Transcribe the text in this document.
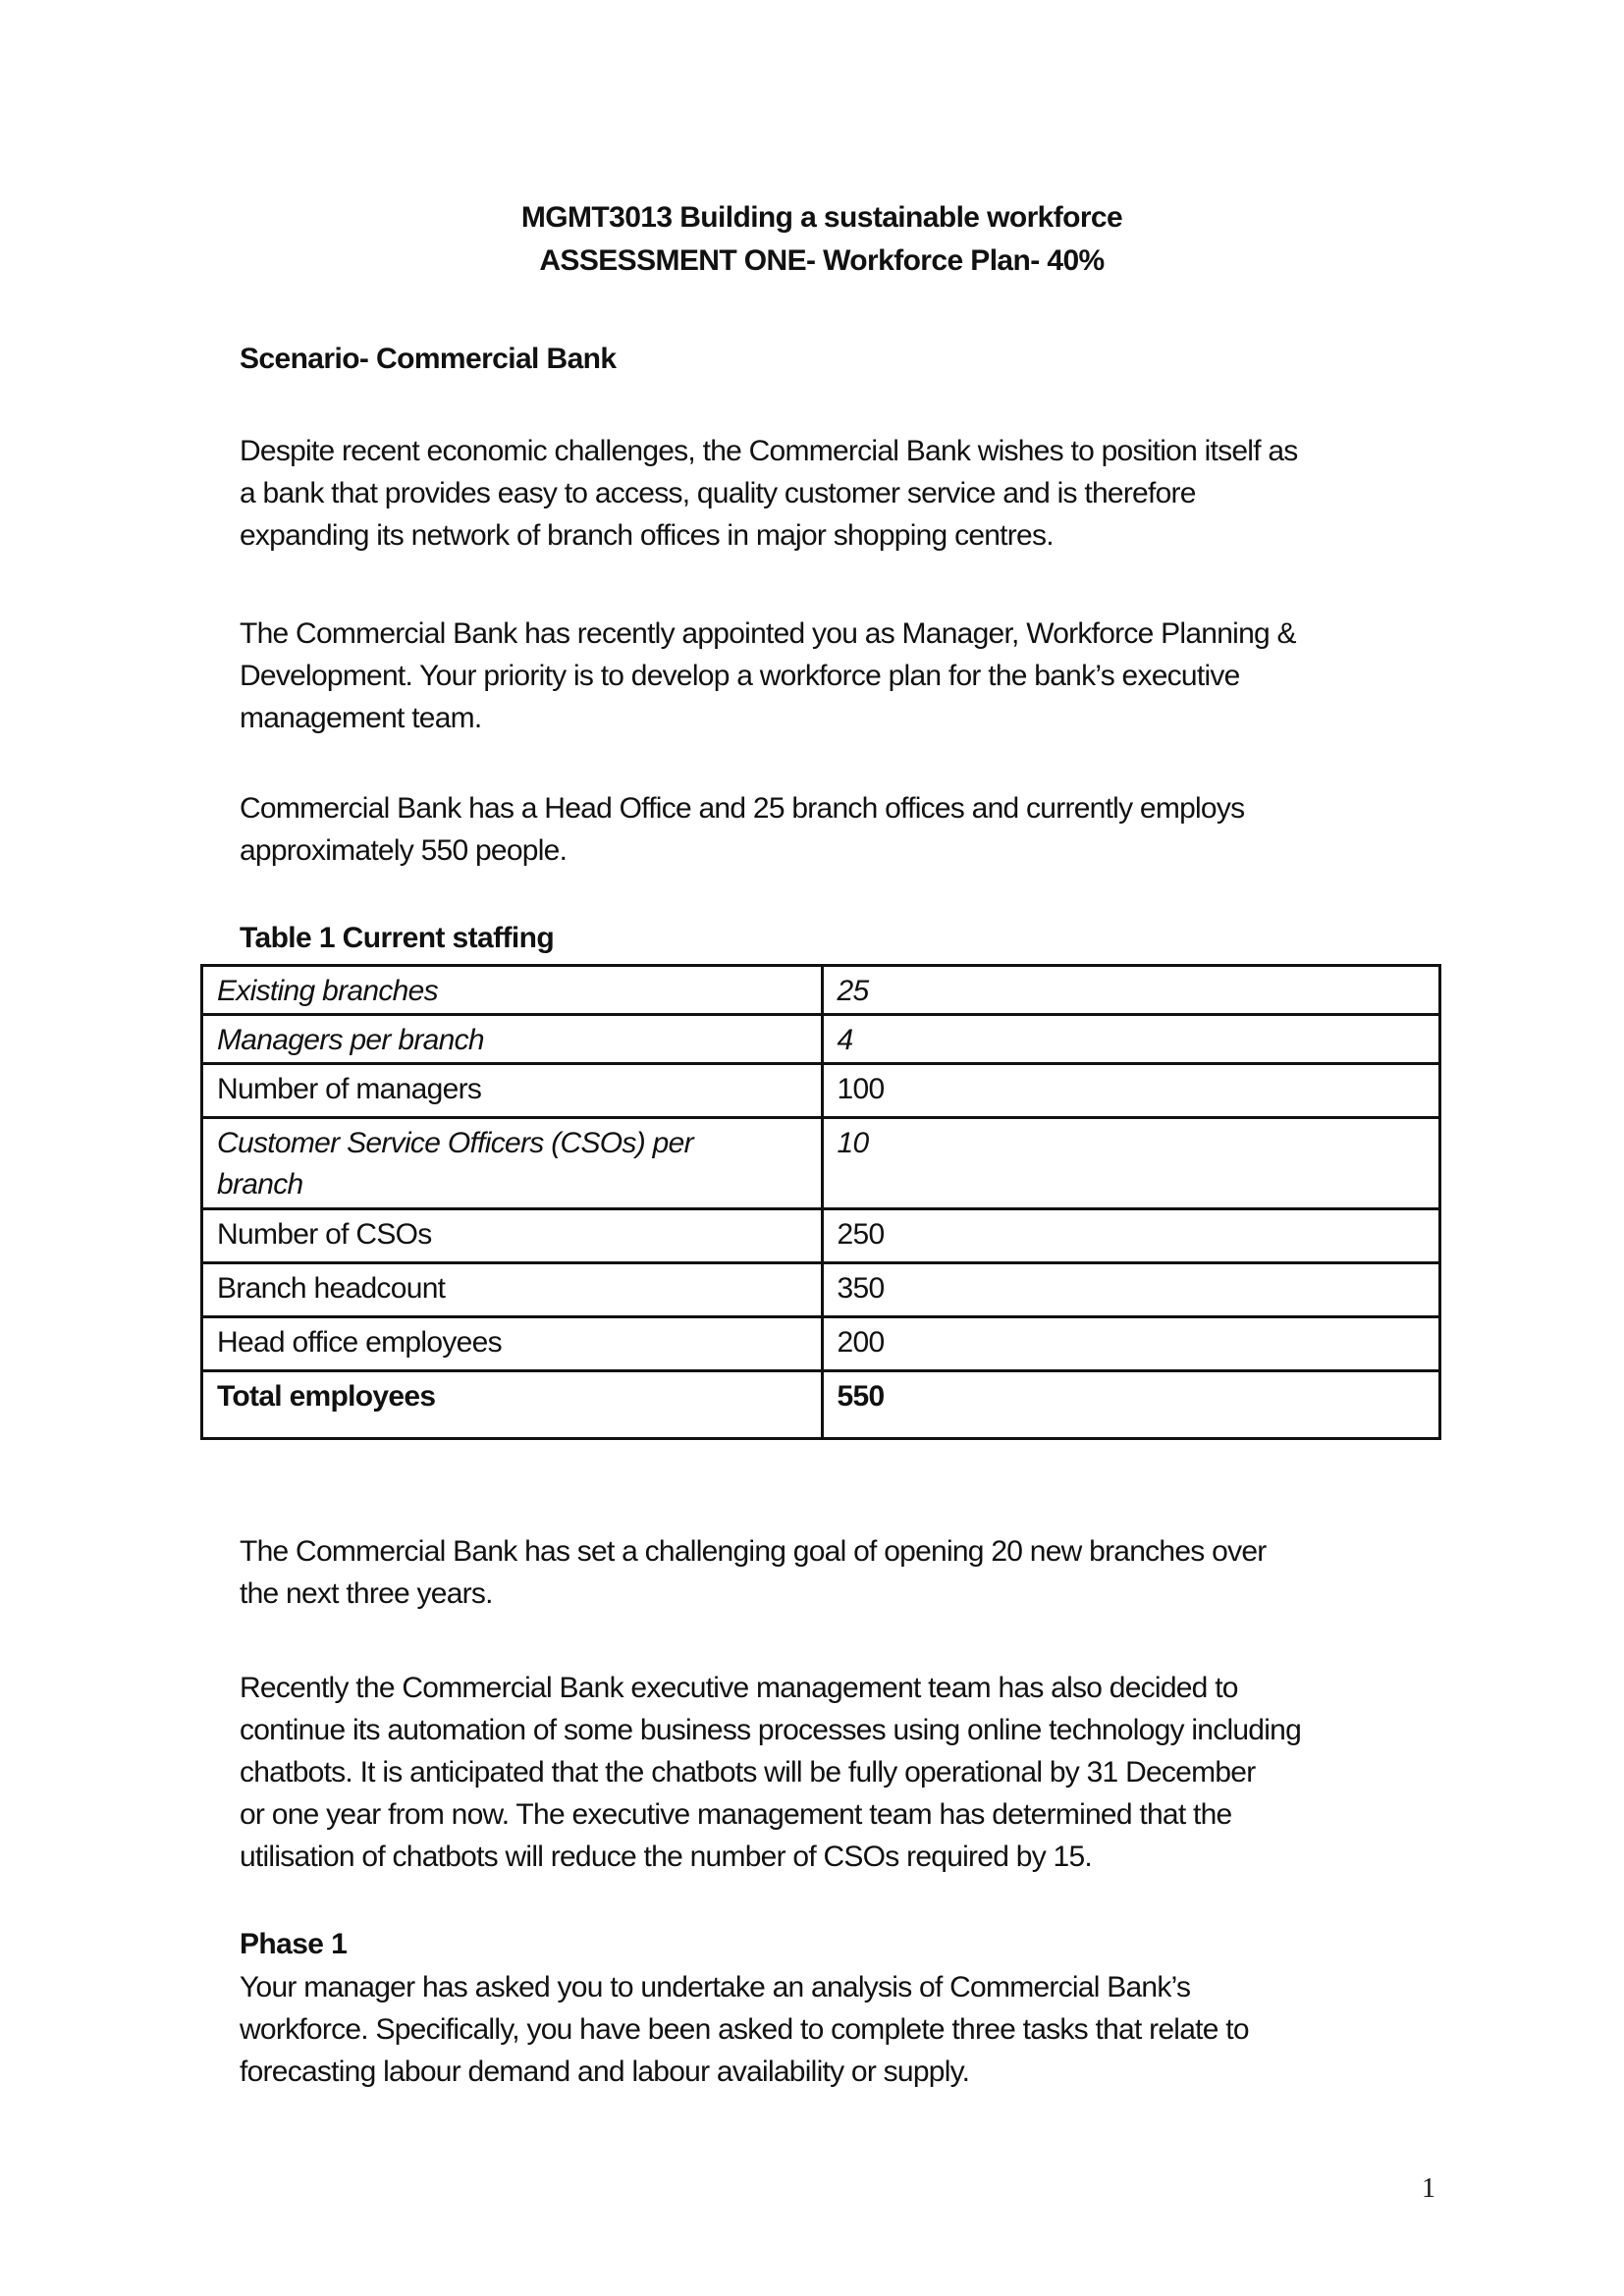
MGMT3013 Building a sustainable workforce
ASSESSMENT ONE- Workforce Plan- 40%
Scenario- Commercial Bank
Despite recent economic challenges, the Commercial Bank wishes to position itself as
a bank that provides easy to access, quality customer service and is therefore
expanding its network of branch offices in major shopping centres.
The Commercial Bank has recently appointed you as Manager, Workforce Planning &
Development. Your priority is to develop a workforce plan for the bank’s executive
management team.
Commercial Bank has a Head Office and 25 branch offices and currently employs
approximately 550 people.
Table 1 Current staffing
Existing branches	25
Managers per branch	4
Number of managers	100

Customer Service Officers (CSOs) per
branch	10
Number of CSOs	250
Branch headcount	350
Head office employees	200
Total employees	550
The Commercial Bank has set a challenging goal of opening 20 new branches over
the next three years.
Recently the Commercial Bank executive management team has also decided to
continue its automation of some business processes using online technology including
chatbots. It is anticipated that the chatbots will be fully operational by 31 December
or one year from now. The executive management team has determined that the
utilisation of chatbots will reduce the number of CSOs required by 15.
Phase 1
Your manager has asked you to undertake an analysis of Commercial Bank’s
workforce. Specifically, you have been asked to complete three tasks that relate to
forecasting labour demand and labour availability or supply.
1
